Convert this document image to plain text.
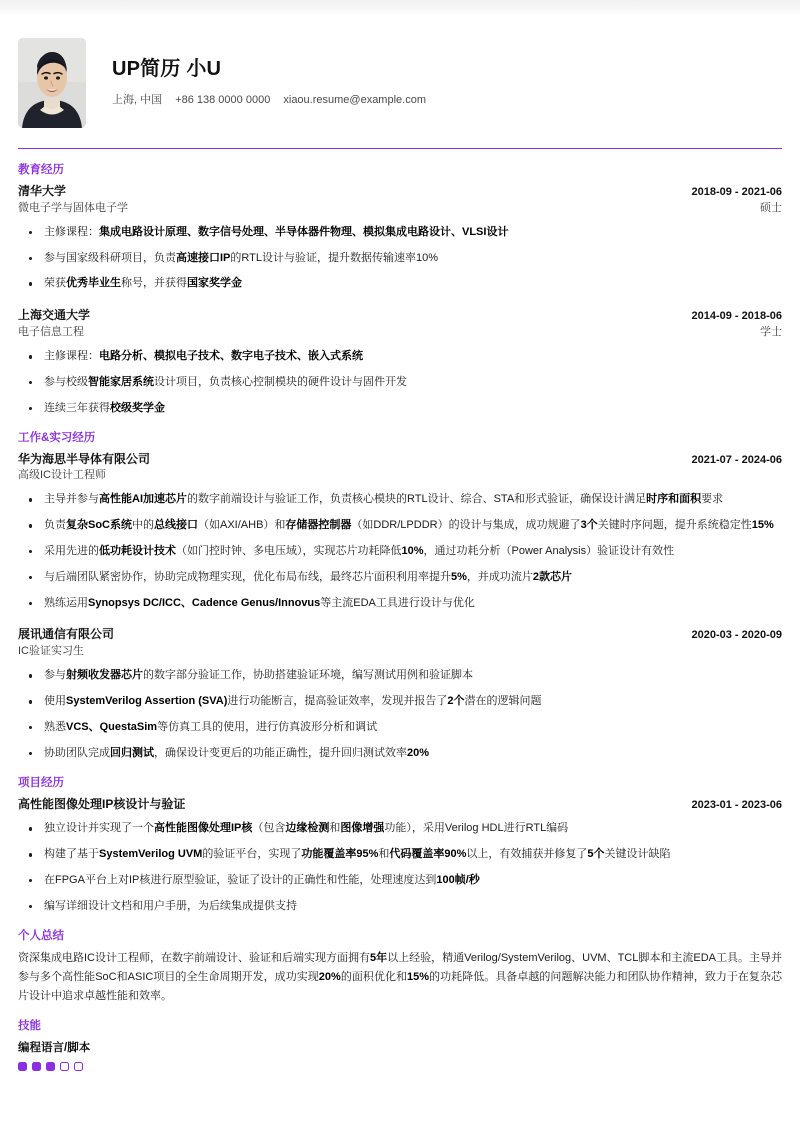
UP简历 小U
上海, 中国 +86 138 0000 0000 xiaou.resume@example.com
教育经历
清华大学	2018-09 - 2021-06
微电子学与固体电子学	硕士
主修课程：集成电路设计原理、数字信号处理、半导体器件物理、模拟集成电路设计、VLSI设计
参与国家级科研项目，负责高速接口IP的RTL设计与验证，提升数据传输速率10%
荣获优秀毕业生称号，并获得国家奖学金
上海交通大学	2014-09 - 2018-06
电子信息工程	学士
主修课程：电路分析、模拟电子技术、数字电子技术、嵌入式系统
参与校级智能家居系统设计项目，负责核心控制模块的硬件设计与固件开发
连续三年获得校级奖学金
工作&实习经历
华为海思半导体有限公司	2021-07 - 2024-06
高级IC设计工程师
主导并参与高性能AI加速芯片的数字前端设计与验证工作，负责核心模块的RTL设计、综合、STA和形式验证，确保设计满足时序和面积要求
负责复杂SoC系统中的总线接口（如AXI/AHB）和存储器控制器（如DDR/LPDDR）的设计与集成，成功规避了3个关键时序问题，提升系统稳定性15%
采用先进的低功耗设计技术（如门控时钟、多电压域），实现芯片功耗降低10%，通过功耗分析（Power Analysis）验证设计有效性
与后端团队紧密协作，协助完成物理实现，优化布局布线，最终芯片面积利用率提升5%，并成功流片2款芯片
熟练运用Synopsys DC/ICC、Cadence Genus/Innovus等主流EDA工具进行设计与优化
展讯通信有限公司	2020-03 - 2020-09
IC验证实习生
参与射频收发器芯片的数字部分验证工作，协助搭建验证环境，编写测试用例和验证脚本
使用SystemVerilog Assertion (SVA)进行功能断言，提高验证效率，发现并报告了2个潜在的逻辑问题
熟悉VCS、QuestaSim等仿真工具的使用，进行仿真波形分析和调试
协助团队完成回归测试，确保设计变更后的功能正确性，提升回归测试效率20%
项目经历
高性能图像处理IP核设计与验证	2023-01 - 2023-06
独立设计并实现了一个高性能图像处理IP核（包含边缘检测和图像增强功能），采用Verilog HDL进行RTL编码
构建了基于SystemVerilog UVM的验证平台，实现了功能覆盖率95%和代码覆盖率90%以上，有效捕获并修复了5个关键设计缺陷
在FPGA平台上对IP核进行原型验证，验证了设计的正确性和性能，处理速度达到100帧/秒
编写详细设计文档和用户手册，为后续集成提供支持
个人总结
资深集成电路IC设计工程师，在数字前端设计、验证和后端实现方面拥有5年以上经验，精通Verilog/SystemVerilog、UVM、TCL脚本和主流EDA工具。主导并参与多个高性能SoC和ASIC项目的全生命周期开发，成功实现20%的面积优化和15%的功耗降低。具备卓越的问题解决能力和团队协作精神，致力于在复杂芯片设计中追求卓越性能和效率。
技能
编程语言/脚本
